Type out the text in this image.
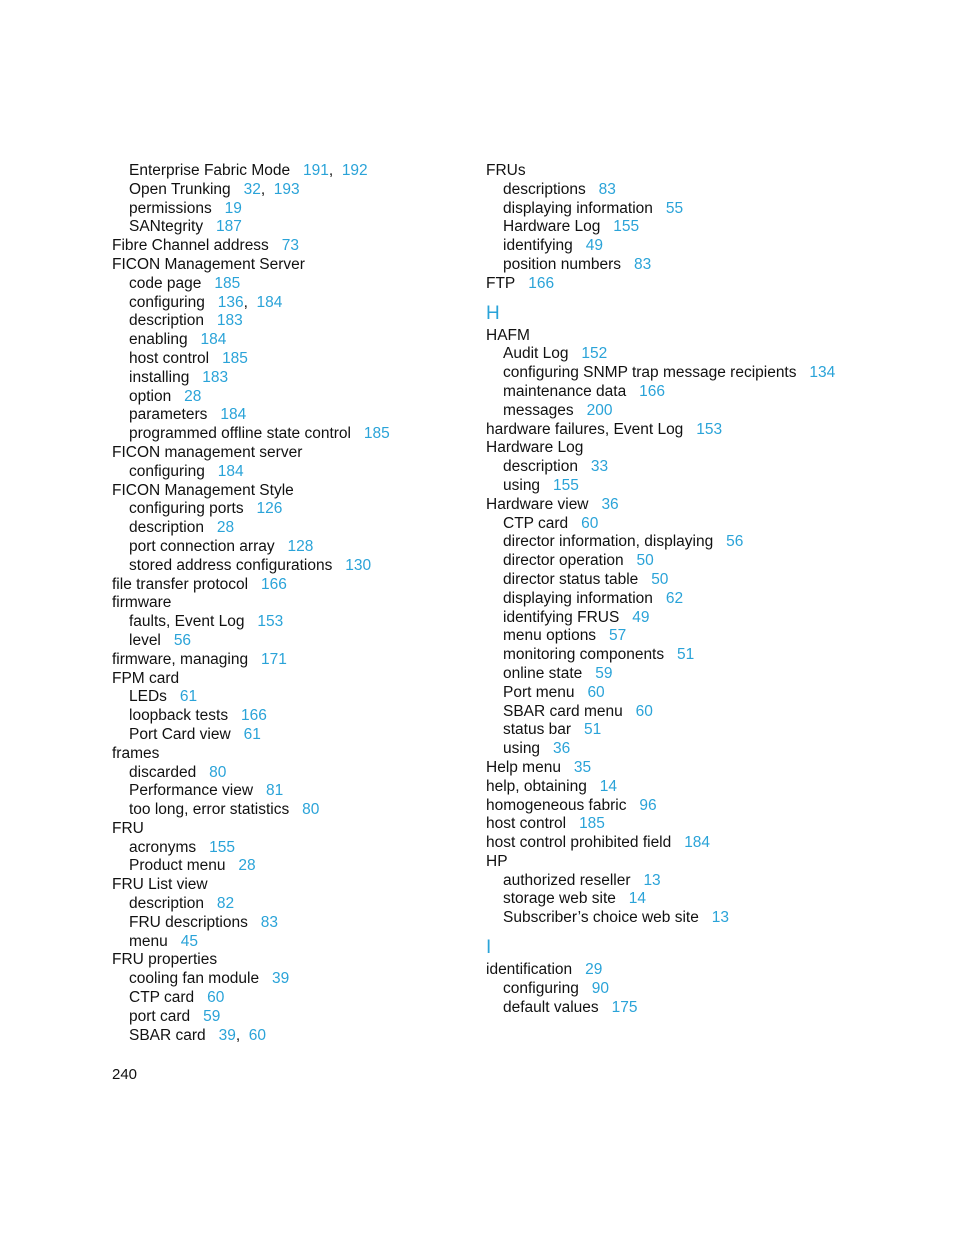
Enterprise Fabric Mode 191,  192
Open Trunking 32,  193
permissions 19
SANtegrity 187
Fibre Channel address 73
FICON Management Server
code page 185
configuring 136,  184
description 183
enabling 184
host control 185
installing 183
option 28
parameters 184
programmed offline state control 185
FICON management server
configuring 184
FICON Management Style
configuring ports 126
description 28
port connection array 128
stored address configurations 130
file transfer protocol 166
firmware
faults, Event Log 153
level 56
firmware, managing 171
FPM card
LEDs 61
loopback tests 166
Port Card view 61
frames
discarded 80
Performance view 81
too long, error statistics 80
FRU
acronyms 155
Product menu 28
FRU List view
description 82
FRU descriptions 83
menu 45
FRU properties
cooling fan module 39
CTP card 60
port card 59
SBAR card 39,  60
FRUs
descriptions 83
displaying information 55
Hardware Log 155
identifying 49
position numbers 83
FTP 166
H
HAFM
Audit Log 152
configuring SNMP trap message recipients 134
maintenance data 166
messages 200
hardware failures, Event Log 153
Hardware Log
description 33
using 155
Hardware view 36
CTP card 60
director information, displaying 56
director operation 50
director status table 50
displaying information 62
identifying FRUS 49
menu options 57
monitoring components 51
online state 59
Port menu 60
SBAR card menu 60
status bar 51
using 36
Help menu 35
help, obtaining 14
homogeneous fabric 96
host control 185
host control prohibited field 184
HP
authorized reseller 13
storage web site 14
Subscriber’s choice web site 13
I
identification 29
configuring 90
default values 175
240
